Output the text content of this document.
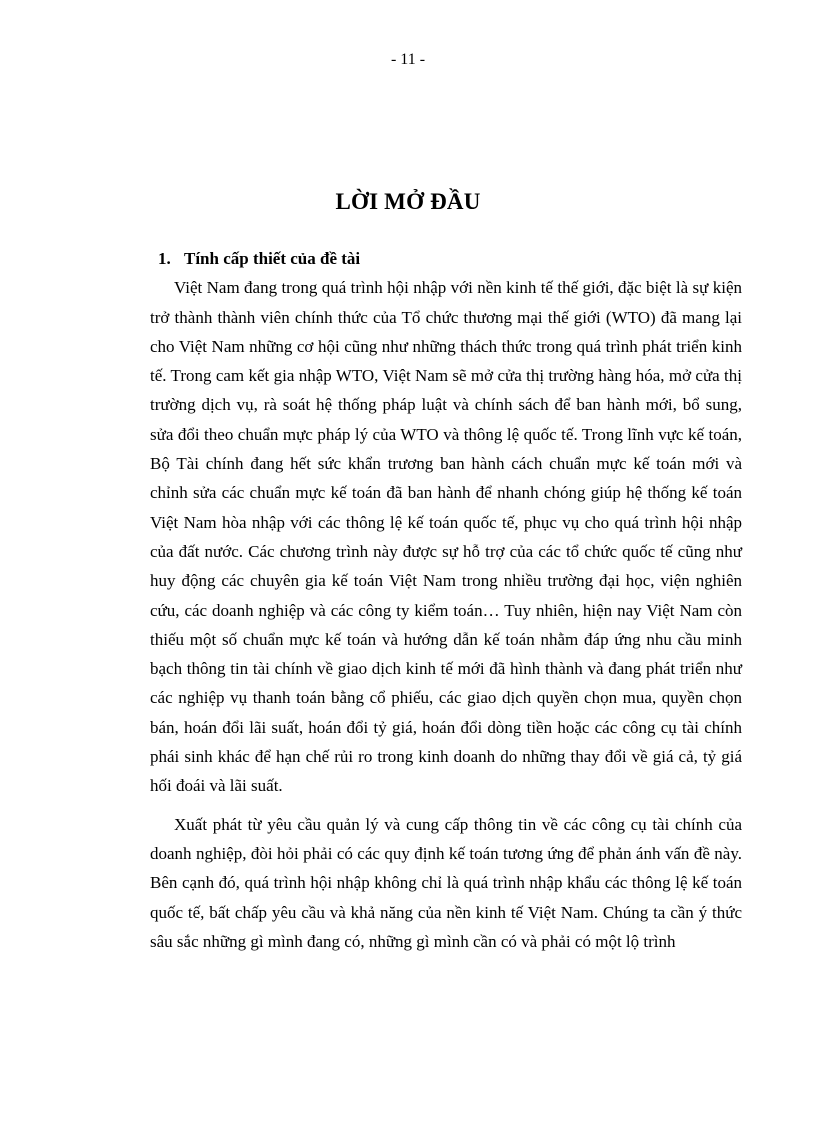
- 11 -
LỜI MỞ ĐẦU

1. Tính cấp thiết của đề tài

Việt Nam đang trong quá trình hội nhập với nền kinh tế thế giới, đặc biệt là sự kiện trở thành thành viên chính thức của Tổ chức thương mại thế giới (WTO) đã mang lại cho Việt Nam những cơ hội cũng như những thách thức trong quá trình phát triển kinh tế. Trong cam kết gia nhập WTO, Việt Nam sẽ mở cửa thị trường hàng hóa, mở cửa thị trường dịch vụ, rà soát hệ thống pháp luật và chính sách để ban hành mới, bổ sung, sửa đổi theo chuẩn mực pháp lý của WTO và thông lệ quốc tế. Trong lĩnh vực kế toán, Bộ Tài chính đang hết sức khẩn trương ban hành cách chuẩn mực kế toán mới và chỉnh sửa các chuẩn mực kế toán đã ban hành để nhanh chóng giúp hệ thống kế toán Việt Nam hòa nhập với các thông lệ kế toán quốc tế, phục vụ cho quá trình hội nhập của đất nước. Các chương trình này được sự hỗ trợ của các tổ chức quốc tế cũng như huy động các chuyên gia kế toán Việt Nam trong nhiều trường đại học, viện nghiên cứu, các doanh nghiệp và các công ty kiểm toán… Tuy nhiên, hiện nay Việt Nam còn thiếu một số chuẩn mực kế toán và hướng dẫn kế toán nhằm đáp ứng nhu cầu minh bạch thông tin tài chính về giao dịch kinh tế mới đã hình thành và đang phát triển như các nghiệp vụ thanh toán bằng cổ phiếu, các giao dịch quyền chọn mua, quyền chọn bán, hoán đổi lãi suất, hoán đổi tỷ giá, hoán đổi dòng tiền hoặc các công cụ tài chính phái sinh khác để hạn chế rủi ro trong kinh doanh do những thay đổi về giá cả, tỷ giá hối đoái và lãi suất.

Xuất phát từ yêu cầu quản lý và cung cấp thông tin về các công cụ tài chính của doanh nghiệp, đòi hỏi phải có các quy định kế toán tương ứng để phản ánh vấn đề này. Bên cạnh đó, quá trình hội nhập không chỉ là quá trình nhập khẩu các thông lệ kế toán quốc tế, bất chấp yêu cầu và khả năng của nền kinh tế Việt Nam. Chúng ta cần ý thức sâu sắc những gì mình đang có, những gì mình cần có và phải có một lộ trình
